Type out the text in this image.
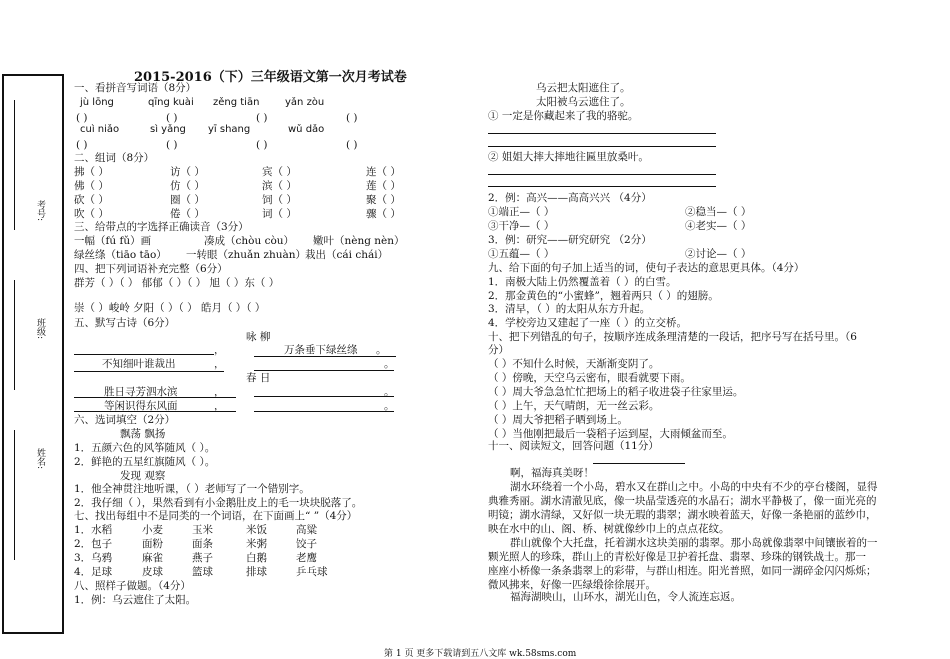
考号:
班级:
姓名:
2015-2016（下）三年级语文第一次月考试卷
一、看拼音写词语（8分）
jù lōng	qīng kuài zěng tiān	yǎn zòu
( )	( )	( )	( )
cuì niǎo	sì yǎng yī shang	wǔ dǎo
( )	( )	( )	( )
二、组词（8分）
三、给带点的字选择正确读音（3分）
一幅（fú fǔ）画	凑成（chòu còu） 嫩叶（nèng nèn）
绿丝绦（tiāo tāo） 一转眼（zhuǎn zhuàn） 栽出（cái chái）
四、把下列词语补充完整（6分）
群芳（ ）（ ） 郁郁（ ）（ ） 旭（ ）东（ ）
崇（ ）峻岭 夕阳（ ）（ ） 皓月（ ）（ ）
五、默写古诗（6分）
咏 柳
，	万条垂下绿丝绦 。
不知细叶谁裁出	，	。
春 日
胜日寻芳泗水滨	，	。
等闲识得东风面	，	。
六、选词填空（2分）
飘荡 飘扬
1．五颜六色的风筝随风（ ）。
2．鲜艳的五星红旗随风（ ）。
发现 观察
1．他全神贯注地听课，（ ）老师写了一个错别字。
2．我仔细（ ），果然看到有小金鹅肚皮上的毛一块块脱落了。
七、找出每组中不是同类的一个词语，在下面画上“ ”（4分）
八、照样子做题。（4分）
1．例：乌云遮住了太阳。
乌云把太阳遮住了。
太阳被乌云遮住了。
① 一定是你藏起来了我的骆驼。
② 姐姐大摔大摔地往匾里放桑叶。
2．例：高兴——高高兴兴 （4分）
①端正—（ ）	②稳当—（ ）
③干净—（ ）	④老实—（ ）
3．例：研究——研究研究 （2分）
①五蕴—（ ）	②讨论—（ ）
九、给下面的句子加上适当的词，使句子表达的意思更具体。（4分）
1．南极大陆上仍然覆盖着（ ）的白雪。
2．那金黄色的“小蜜蜂”，翘着两只（ ）的翅膀。
3．清早，（ ）的太阳从东方升起。
4．学校旁边又建起了一座（ ）的立交桥。
十、把下列错乱的句子，按顺序连成条理清楚的一段话，把序号写在括号里。（6
分）
十一、阅读短文，回答问题（11分）
啊，福海真美呀！
福海湖映山，山环水，湖光山色，令人流连忘返。
第 1 页 更多下载请到五八文库 wk.58sms.com
拂（ ）	访（ ）	宾（ ）	连（ ）
佛（ ）	仿（ ）	滨（ ）	莲（ ）
砍（ ）	圈（ ）	饲（ ）	聚（ ）
吹（ ）	倦（ ）	词（ ）	骤（ ）
1．水稻	小麦	玉米	米饭	高粱
2．包子	面粉	面条	米粥	饺子
3．乌鸦	麻雀	燕子	白鹅	老鹰
4．足球	皮球	篮球	排球	乒乓球
（ ）不知什么时候，天渐渐变阴了。
（ ）傍晚，天空乌云密布，眼看就要下雨。
（ ）周大爷急急忙忙把场上的稻子收进袋子往家里运。
（ ）上午，天气晴朗，无一丝云彩。
（ ）周大爷把稻子晒到场上。
（ ）当他刚把最后一袋稻子运到屋，大雨倾盆而至。
湖水环绕着一个小岛，碧水又在群山之中。小岛的中央有不少的亭台楼阁，显得
典雅秀丽。湖水清澈见底，像一块晶莹透亮的水晶石；湖水平静极了，像一面光亮的
明镜；湖水清绿，又好似一块无瑕的翡翠；湖水映着蓝天，好像一条艳丽的蓝纱巾，
映在水中的山、阁、桥、树就像纱巾上的点点花纹。
群山就像个大托盘，托着湖水这块美丽的翡翠。那小岛就像翡翠中间镶嵌着的一
颗光照人的珍珠，群山上的青松好像是卫护着托盘、翡翠、珍珠的钢铁战士。那一
座座小桥像一条条翡翠上的彩带，与群山相连。阳光普照，如同一湖碎金闪闪烁烁；
微风拂来，好像一匹绿缎徐徐展开。
